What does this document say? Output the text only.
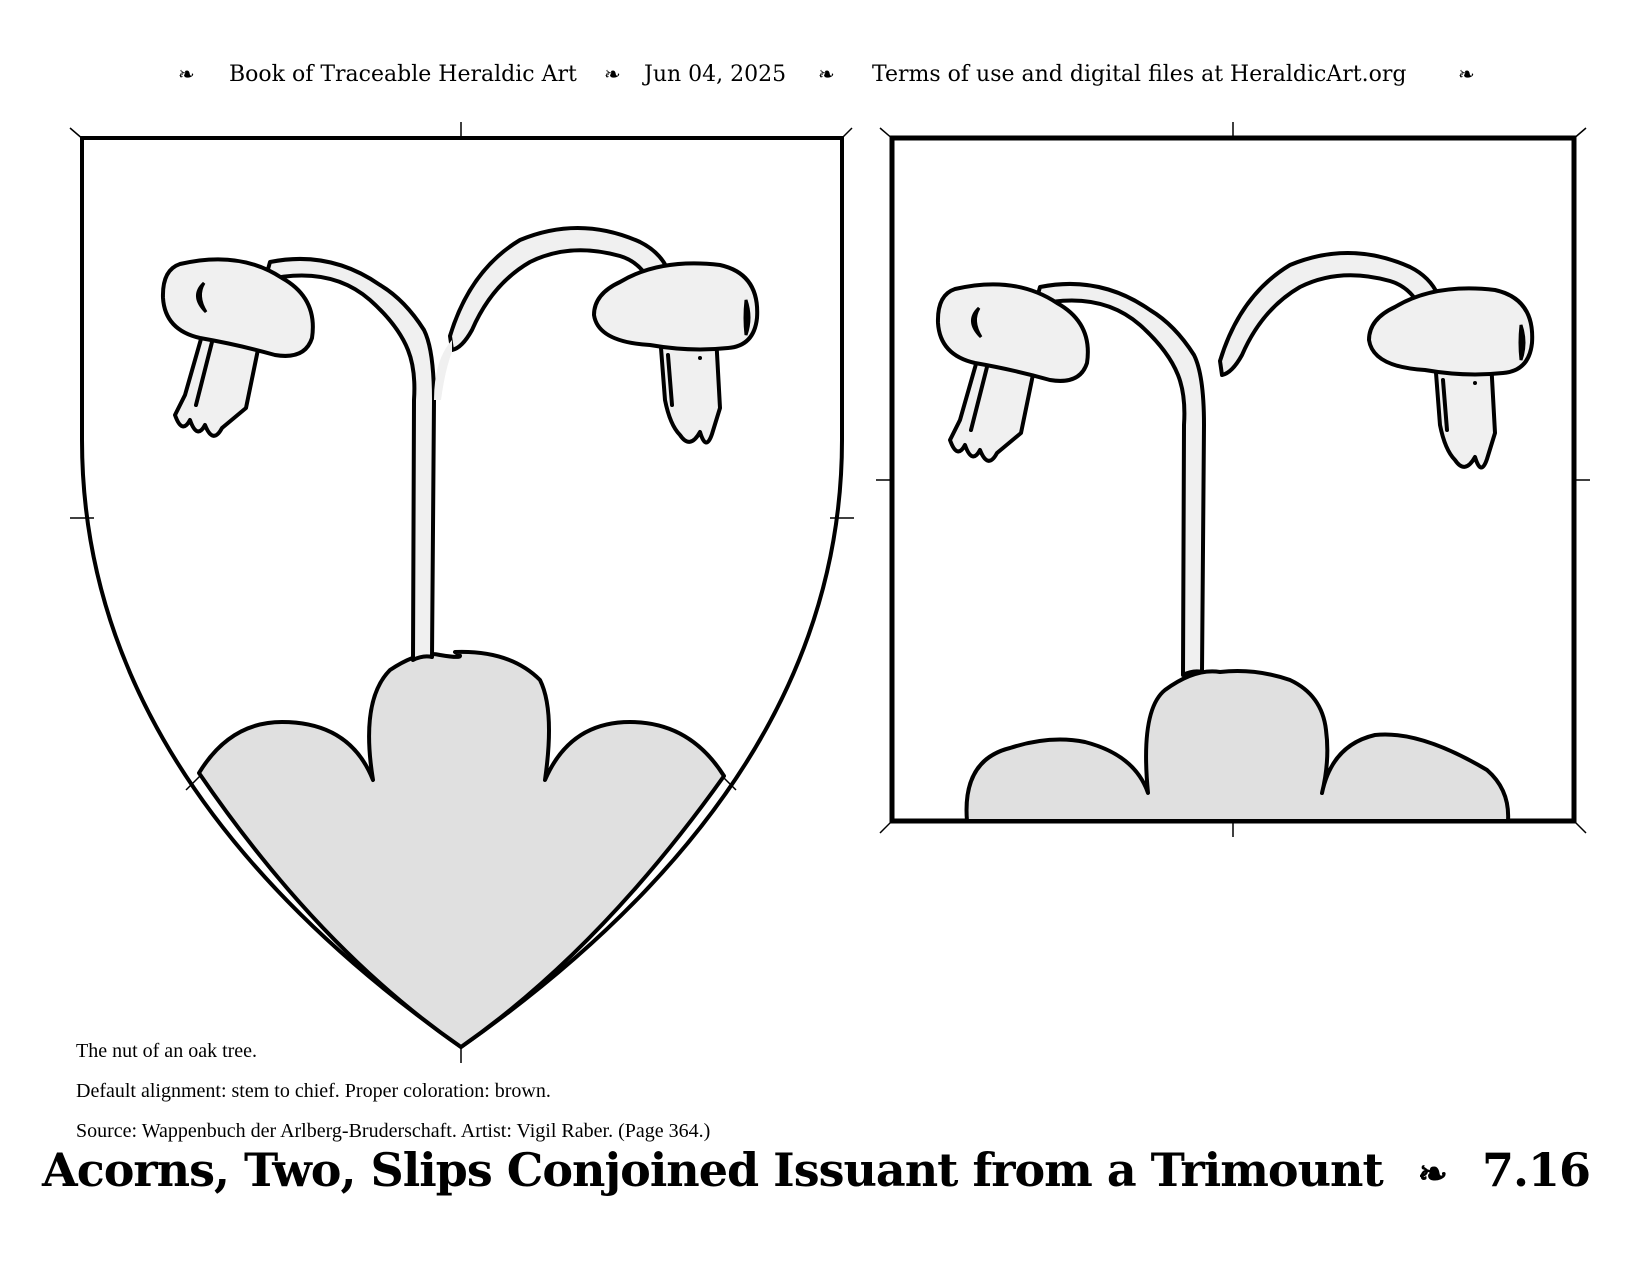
❧ Book of Traceable Heraldic Art ❧ Jun 04, 2025 ❧ Terms of use and digital files at HeraldicArt.org	❧
The nut of an oak tree.
Default alignment: stem to chief. Proper coloration: brown.
Source: Wappenbuch der Arlberg-Bruderschaft. Artist: Vigil Raber. (Page 364.)
Acorns, Two, Slips Conjoined Issuant from a Trimount ❧ 7.16
